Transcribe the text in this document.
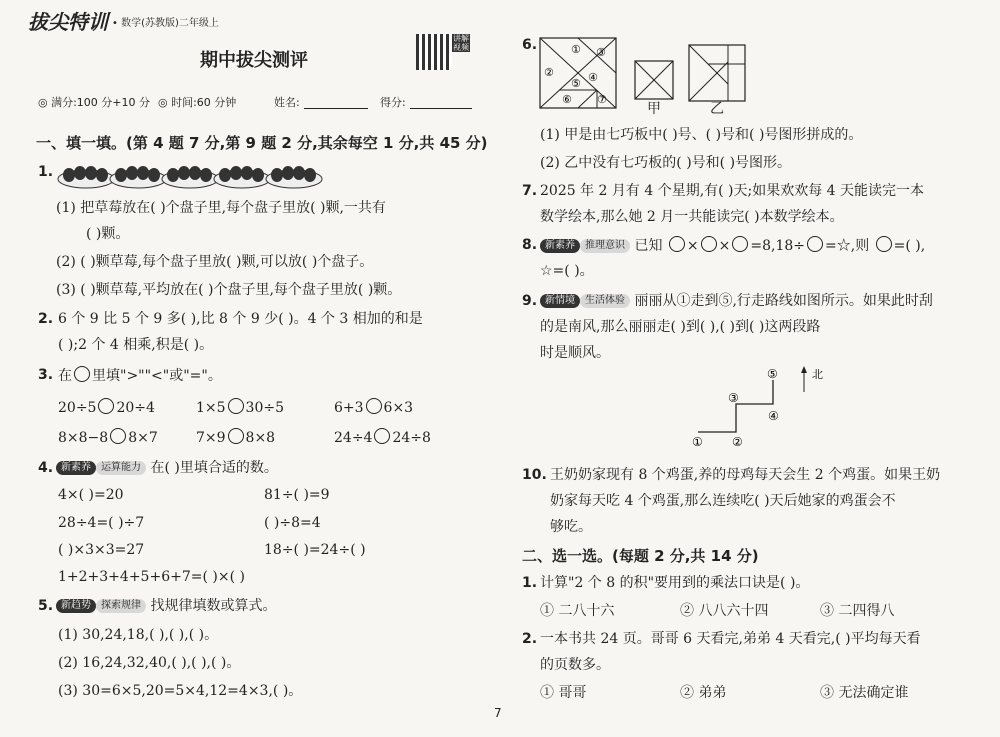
拔尖特训 • 数学(苏教版)二年级上
讲解视频
期中拔尖测评
◎ 满分:100 分+10 分 ◎ 时间:60 分钟	姓名:	得分:
一、填一填。(第 4 题 7 分,第 9 题 2 分,其余每空 1 分,共 45 分)
1.
(1) 把草莓放在( )个盘子里,每个盘子里放( )颗,一共有
( )颗。
(2) ( )颗草莓,每个盘子里放( )颗,可以放( )个盘子。
(3) ( )颗草莓,平均放在( )个盘子里,每个盘子里放( )颗。
2. 6 个 9 比 5 个 9 多( ),比 8 个 9 少( )。4 个 3 相加的和是
( );2 个 4 相乘,积是( )。
3. 在 里填">""<"或"="。
20÷5 20÷4	1×5 30÷5	6+3 6×3
8×8−8 8×7	7×9 8×8	24÷4 24÷8
4. 新素养 运算能力 在( )里填合适的数。
4×( )=20	81÷( )=9
28÷4=( )÷7	( )÷8=4
( )×3×3=27	18÷( )=24÷( )
1+2+3+4+5+6+7=( )×( )
5. 新趋势 探索规律 找规律填数或算式。
(1) 30,24,18,( ),( ),( )。
(2) 16,24,32,40,( ),( ),( )。
(3) 30=6×5,20=5×4,12=4×3,( )。
6.	①
②
③
④
⑤
⑥ ⑦
甲	乙
(1) 甲是由七巧板中( )号、( )号和( )号图形拼成的。
(2) 乙中没有七巧板的( )号和( )号图形。
7. 2025 年 2 月有 4 个星期,有( )天;如果欢欢每 4 天能读完一本
数学绘本,那么她 2 月一共能读完( )本数学绘本。
8. 新素养 推理意识 已知 × × =8,18÷ =☆,则 =( ),
☆=( )。
9. 新情境 生活体验 丽丽从①走到⑤,行走路线如图所示。如果此时刮
的是南风,那么丽丽走( )到( ),( )到( )这两段路
时是顺风。
北
① ②
③
④
⑤
10. 王奶奶家现有 8 个鸡蛋,养的母鸡每天会生 2 个鸡蛋。如果王奶
奶家每天吃 4 个鸡蛋,那么连续吃( )天后她家的鸡蛋会不
够吃。
二、选一选。(每题 2 分,共 14 分)
1. 计算"2 个 8 的积"要用到的乘法口诀是( )。
① 二八十六	② 八八六十四	③ 二四得八
2. 一本书共 24 页。哥哥 6 天看完,弟弟 4 天看完,( )平均每天看
的页数多。
① 哥哥	② 弟弟	③ 无法确定谁
7
